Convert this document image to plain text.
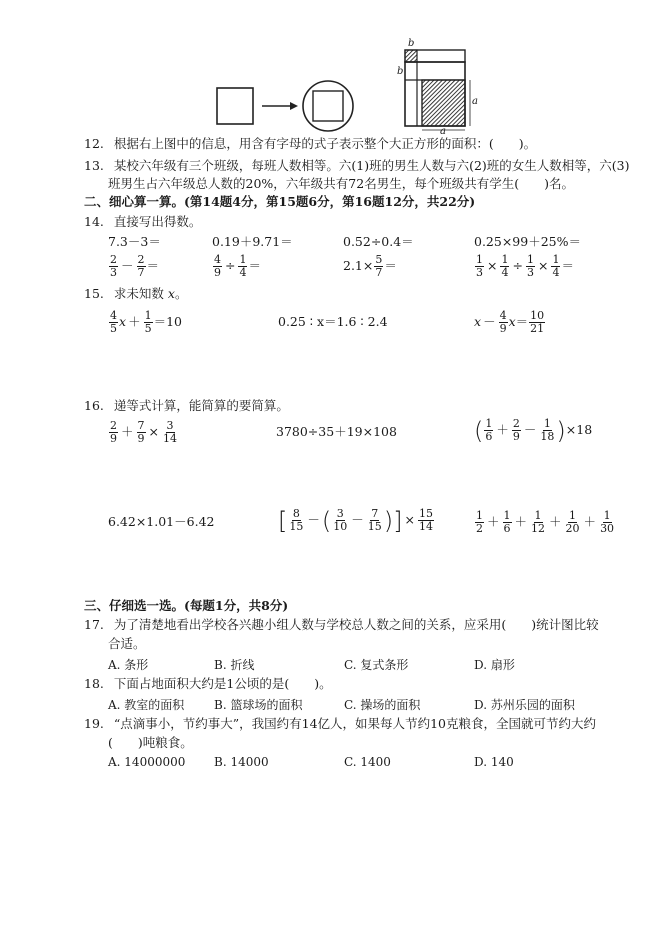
b
b
a
a
12. 根据右上图中的信息，用含有字母的式子表示整个大正方形的面积：(　　)。
13. 某校六年级有三个班级，每班人数相等。六(1)班的男生人数与六(2)班的女生人数相等，六(3)
班男生占六年级总人数的20%，六年级共有72名男生，每个班级共有学生(　　)名。
二、细心算一算。(第14题4分，第15题6分，第16题12分，共22分)
14. 直接写出得数。
7.3－3＝	0.19＋9.71＝	0.52÷0.4＝	0.25×99＋25%＝
$\frac{2}{3} - \frac{2}{7}$ ＝	$\frac{4}{9} \div \frac{1}{4}$ ＝	$2.1\times \frac{5}{7}$ ＝	$\frac{1}{3} \times \frac{1}{4} \div \frac{1}{3} \times \frac{1}{4}$ ＝
15. 求未知数 x。
$\frac{4}{5}$ $x + \frac{1}{5} =10$	0.25 ∶ x＝1.6 ∶ 2.4	$x - \frac{4}{9}$ $x = \frac{10}{21}$
16. 递等式计算，能简算的要简算。
$\frac{2}{9} + \frac{7}{9} \times \frac{3}{14}$	3780÷35＋19×108	( $\frac{1}{6} + \frac{2}{9} - \frac{1}{18}$ ) ×18
6.42×1.01－6.42	[ $\frac{8}{15}$ － ( $\frac{3}{10} - \frac{7}{15}$ ) ] × $\frac{15}{14}$	$\frac{1}{2} + \frac{1}{6} + \frac{1}{12} + \frac{1}{20} + \frac{1}{30}$
三、仔细选一选。(每题1分，共8分)
17. 为了清楚地看出学校各兴趣小组人数与学校总人数之间的关系，应采用(　　)统计图比较
合适。
A. 条形	B. 折线	C. 复式条形	D. 扇形
18. 下面占地面积大约是1公顷的是(　　)。
A. 教室的面积 B. 篮球场的面积	C. 操场的面积	D. 苏州乐园的面积
19. “点滴事小，节约事大”，我国约有14亿人，如果每人节约10克粮食，全国就可节约大约
(　　)吨粮食。
A. 14000000 B. 14000	C. 1400	D. 140
